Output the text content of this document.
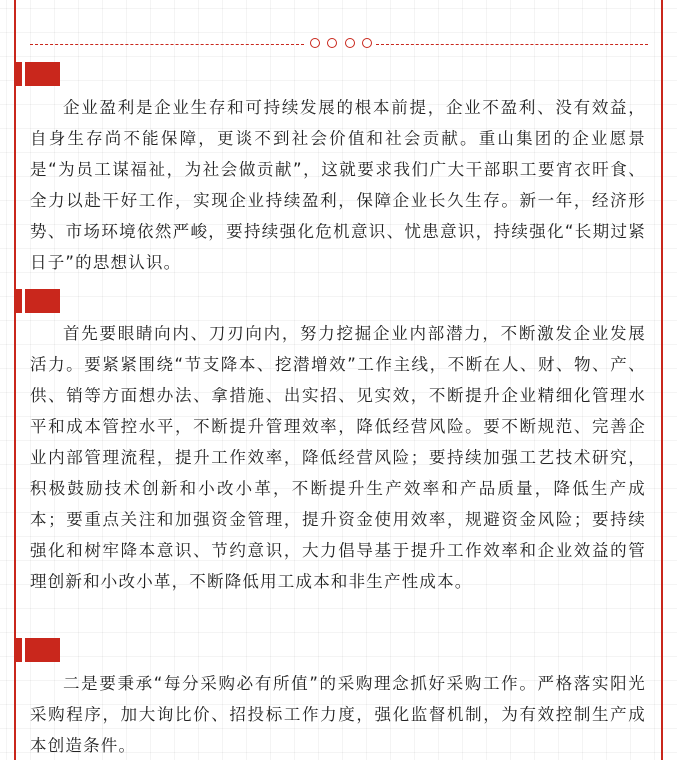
企业盈利是企业生存和可持续发展的根本前提，企业不盈利、没有效益，自身生存尚不能保障，更谈不到社会价值和社会贡献。重山集团的企业愿景是“为员工谋福祉，为社会做贡献”，这就要求我们广大干部职工要宵衣旰食、全力以赴干好工作，实现企业持续盈利，保障企业长久生存。新一年，经济形势、市场环境依然严峻，要持续强化危机意识、忧患意识，持续强化“长期过紧日子”的思想认识。

首先要眼睛向内、刀刃向内，努力挖掘企业内部潜力，不断激发企业发展活力。要紧紧围绕“节支降本、挖潜增效”工作主线，不断在人、财、物、产、供、销等方面想办法、拿措施、出实招、见实效，不断提升企业精细化管理水平和成本管控水平，不断提升管理效率，降低经营风险。要不断规范、完善企业内部管理流程，提升工作效率，降低经营风险；要持续加强工艺技术研究，积极鼓励技术创新和小改小革，不断提升生产效率和产品质量，降低生产成本；要重点关注和加强资金管理，提升资金使用效率，规避资金风险；要持续强化和树牢降本意识、节约意识，大力倡导基于提升工作效率和企业效益的管理创新和小改小革，不断降低用工成本和非生产性成本。

二是要秉承“每分采购必有所值”的采购理念抓好采购工作。严格落实阳光采购程序，加大询比价、招投标工作力度，强化监督机制，为有效控制生产成本创造条件。
